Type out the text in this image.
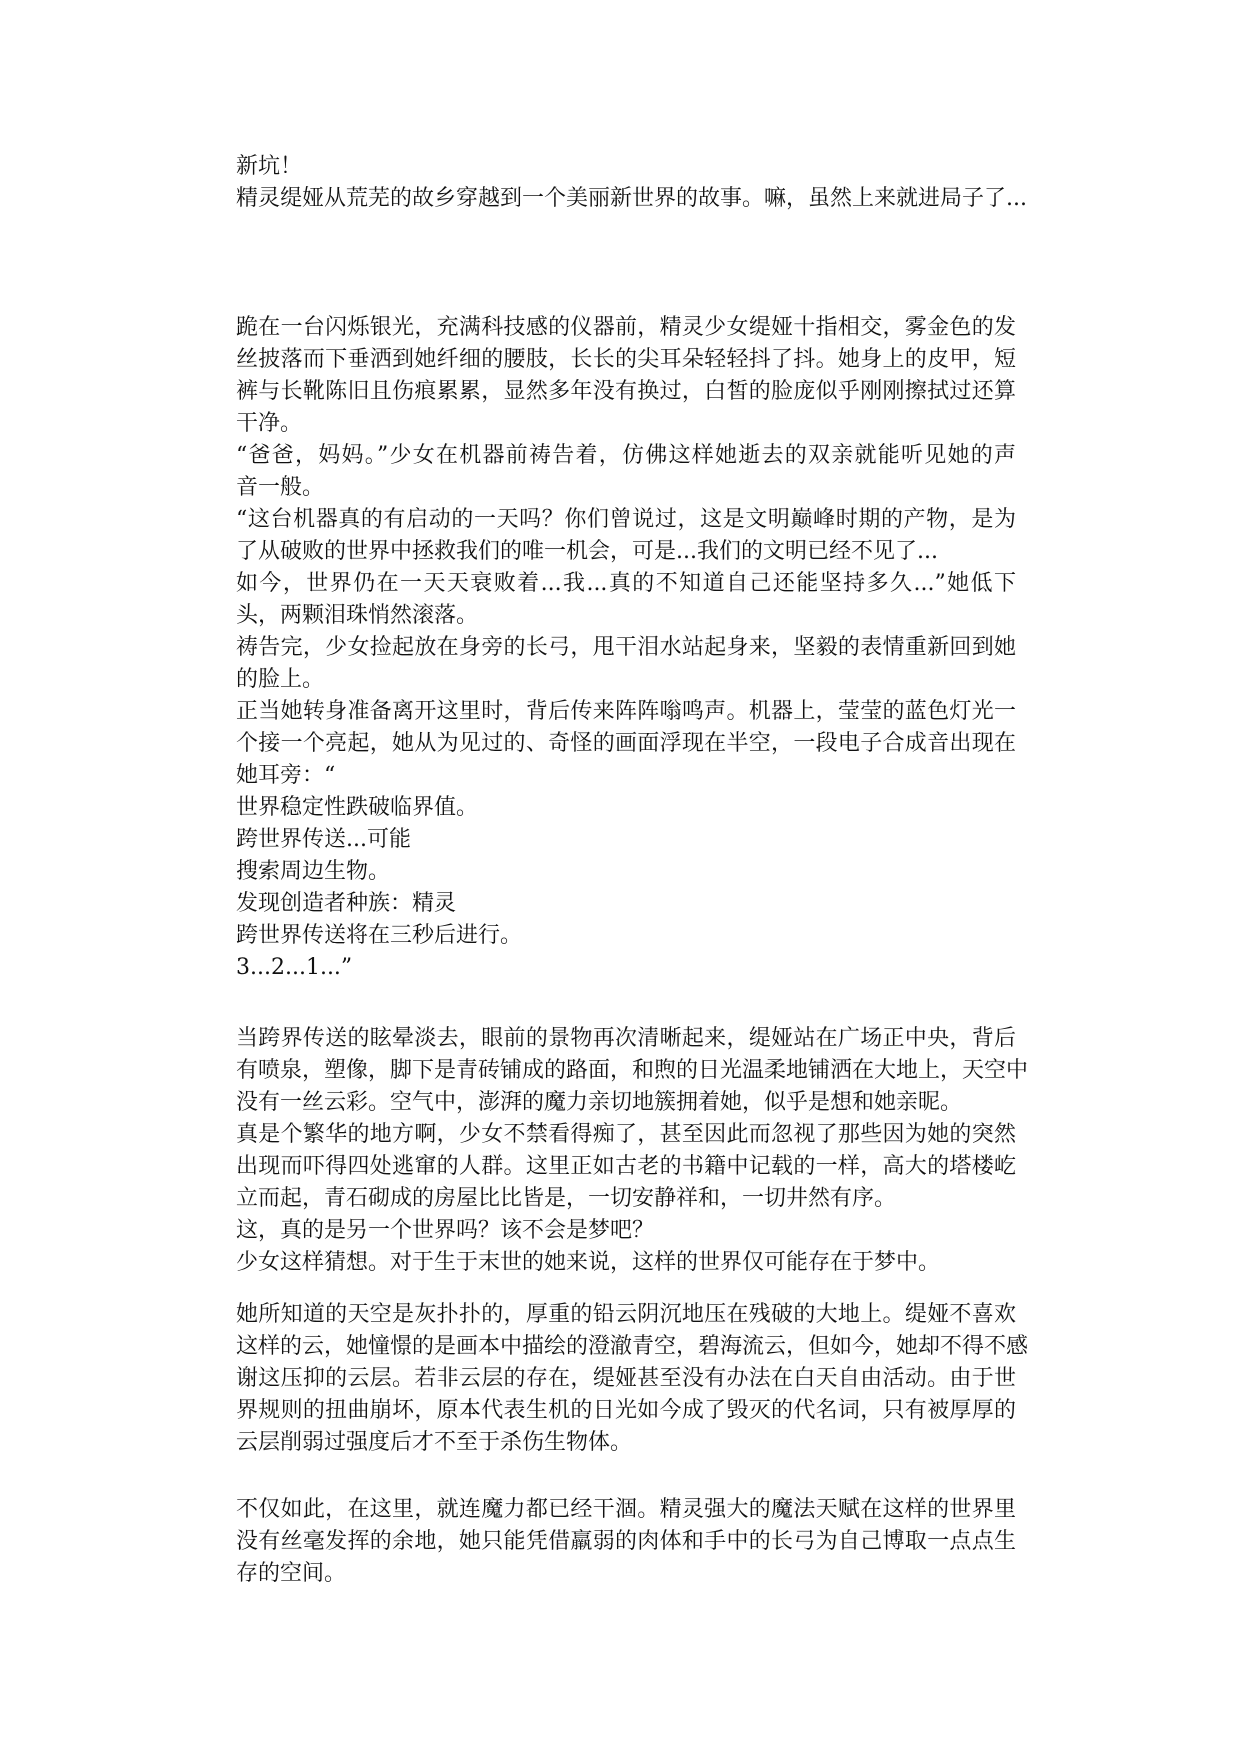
新坑！
精灵缇娅从荒芜的故乡穿越到一个美丽新世界的故事。嘛，虽然上来就进局子了...
跪在一台闪烁银光，充满科技感的仪器前，精灵少女缇娅十指相交，雾金色的发
丝披落而下垂洒到她纤细的腰肢，长长的尖耳朵轻轻抖了抖。她身上的皮甲，短
裤与长靴陈旧且伤痕累累，显然多年没有换过，白皙的脸庞似乎刚刚擦拭过还算
干净。
“爸爸，妈妈。”少女在机器前祷告着，仿佛这样她逝去的双亲就能听见她的声
音一般。
“这台机器真的有启动的一天吗？你们曾说过，这是文明巅峰时期的产物，是为
了从破败的世界中拯救我们的唯一机会，可是...我们的文明已经不见了...
如今，世界仍在一天天衰败着...我...真的不知道自己还能坚持多久...”她低下
头，两颗泪珠悄然滚落。
祷告完，少女捡起放在身旁的长弓，甩干泪水站起身来，坚毅的表情重新回到她
的脸上。
正当她转身准备离开这里时，背后传来阵阵嗡鸣声。机器上，莹莹的蓝色灯光一
个接一个亮起，她从为见过的、奇怪的画面浮现在半空，一段电子合成音出现在
她耳旁：“
世界稳定性跌破临界值。
跨世界传送...可能
搜索周边生物。
发现创造者种族：精灵
跨世界传送将在三秒后进行。
3...2...1...”
当跨界传送的眩晕淡去，眼前的景物再次清晰起来，缇娅站在广场正中央，背后
有喷泉，塑像，脚下是青砖铺成的路面，和煦的日光温柔地铺洒在大地上，天空中
没有一丝云彩。空气中，澎湃的魔力亲切地簇拥着她，似乎是想和她亲昵。
真是个繁华的地方啊，少女不禁看得痴了，甚至因此而忽视了那些因为她的突然
出现而吓得四处逃窜的人群。这里正如古老的书籍中记载的一样，高大的塔楼屹
立而起，青石砌成的房屋比比皆是，一切安静祥和，一切井然有序。
这，真的是另一个世界吗？该不会是梦吧？
少女这样猜想。对于生于末世的她来说，这样的世界仅可能存在于梦中。
她所知道的天空是灰扑扑的，厚重的铅云阴沉地压在残破的大地上。缇娅不喜欢
这样的云，她憧憬的是画本中描绘的澄澈青空，碧海流云，但如今，她却不得不感
谢这压抑的云层。若非云层的存在，缇娅甚至没有办法在白天自由活动。由于世
界规则的扭曲崩坏，原本代表生机的日光如今成了毁灭的代名词，只有被厚厚的
云层削弱过强度后才不至于杀伤生物体。
不仅如此，在这里，就连魔力都已经干涸。精灵强大的魔法天赋在这样的世界里
没有丝毫发挥的余地，她只能凭借羸弱的肉体和手中的长弓为自己博取一点点生
存的空间。
